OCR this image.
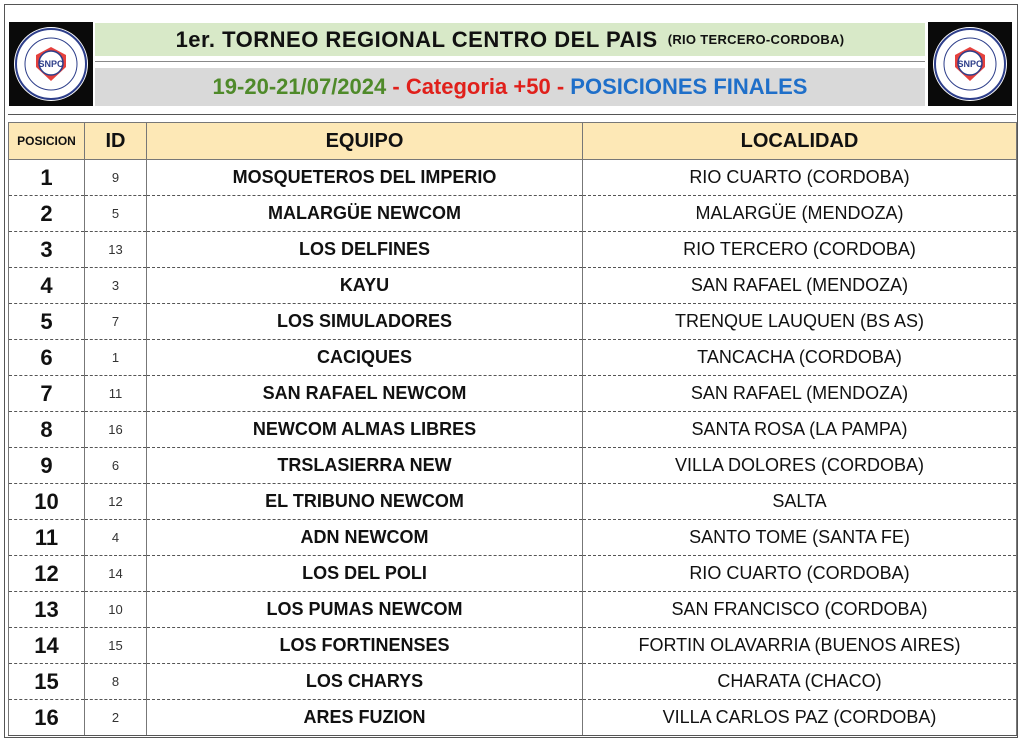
SNPC	SNPC
1er. TORNEO REGIONAL CENTRO DEL PAIS (RIO TERCERO-CORDOBA)
19-20-21/07/2024 - Categoria +50 - POSICIONES FINALES
POSICION	ID	EQUIPO	LOCALIDAD
1	9	MOSQUETEROS DEL IMPERIO	RIO CUARTO (CORDOBA)
2	5	MALARGÜE NEWCOM	MALARGÜE (MENDOZA)
3	13	LOS DELFINES	RIO TERCERO (CORDOBA)
4	3	KAYU	SAN RAFAEL (MENDOZA)
5	7	LOS SIMULADORES	TRENQUE LAUQUEN (BS AS)
6	1	CACIQUES	TANCACHA (CORDOBA)
7	11	SAN RAFAEL NEWCOM	SAN RAFAEL (MENDOZA)
8	16	NEWCOM ALMAS LIBRES	SANTA ROSA (LA PAMPA)
9	6	TRSLASIERRA NEW	VILLA DOLORES (CORDOBA)
10	12	EL TRIBUNO NEWCOM	SALTA
11	4	ADN NEWCOM	SANTO TOME (SANTA FE)
12	14	LOS DEL POLI	RIO CUARTO (CORDOBA)
13	10	LOS PUMAS NEWCOM	SAN FRANCISCO (CORDOBA)
14	15	LOS FORTINENSES	FORTIN OLAVARRIA (BUENOS AIRES)
15	8	LOS CHARYS	CHARATA (CHACO)
16	2	ARES FUZION	VILLA CARLOS PAZ (CORDOBA)
